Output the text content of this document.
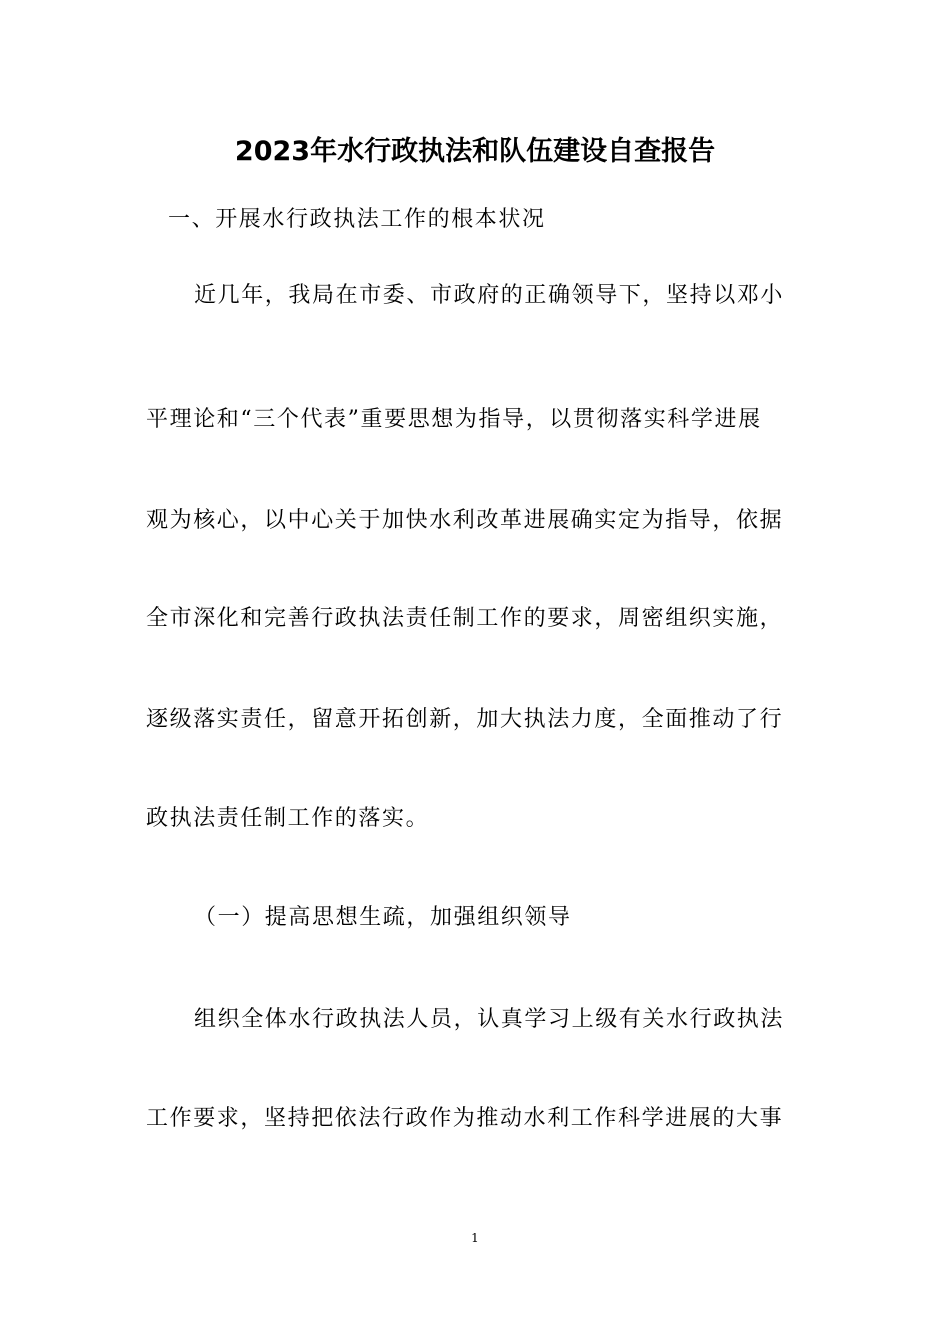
2023年水行政执法和队伍建设自查报告
一、开展水行政执法工作的根本状况
近几年，我局在市委、市政府的正确领导下，坚持以邓小
平理论和“三个代表”重要思想为指导，以贯彻落实科学进展
观为核心，以中心关于加快水利改革进展确实定为指导，依据
全市深化和完善行政执法责任制工作的要求，周密组织实施，
逐级落实责任，留意开拓创新，加大执法力度，全面推动了行
政执法责任制工作的落实。
（一）提高思想生疏，加强组织领导
组织全体水行政执法人员，认真学习上级有关水行政执法
工作要求，坚持把依法行政作为推动水利工作科学进展的大事
1
